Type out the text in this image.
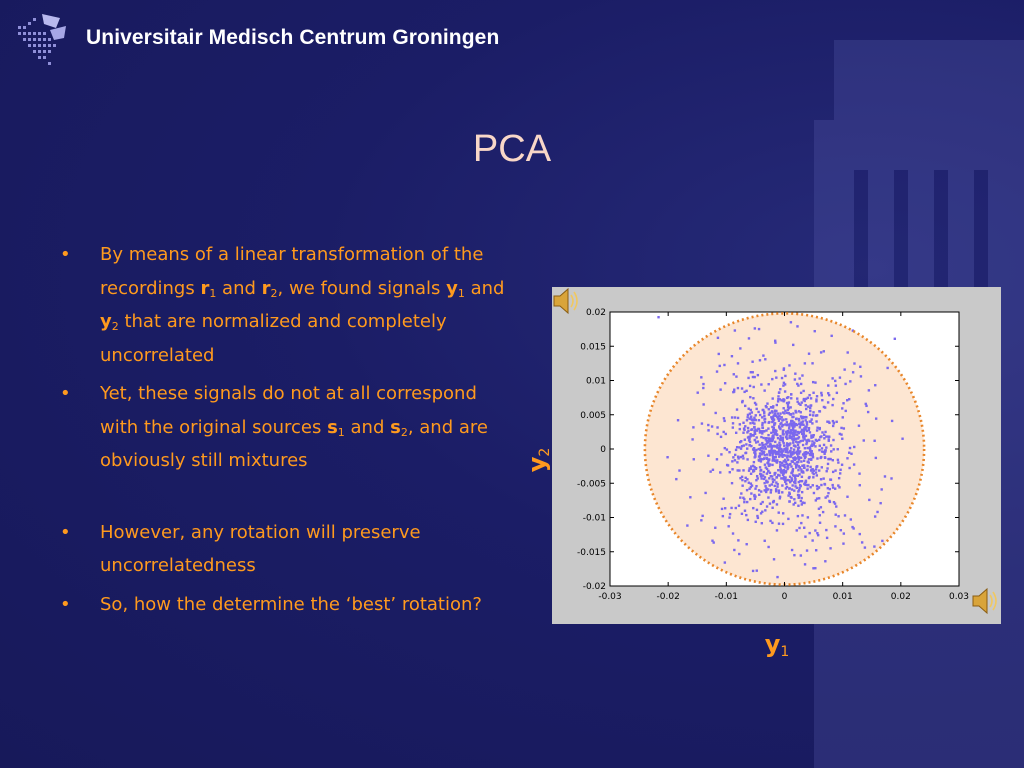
Universitair Medisch Centrum Groningen
PCA
• By means of a linear transformation of the recordings $r_1$ and $r_2$, we found signals $y_1$ and $y_2$ that are normalized and completely uncorrelated
• Yet, these signals do not at all correspond with the original sources $s_1$ and $s_2$, and are obviously still mixtures
• However, any rotation will preserve uncorrelatedness
• So, how the determine the ‘best’ rotation?	-0.03	-0.02	-0.01	0	0.01	0.02	0.03
-0.02
-0.015
-0.01
-0.005
0
0.005
0.01
0.015
0.02
$y_2$
$y_1$
